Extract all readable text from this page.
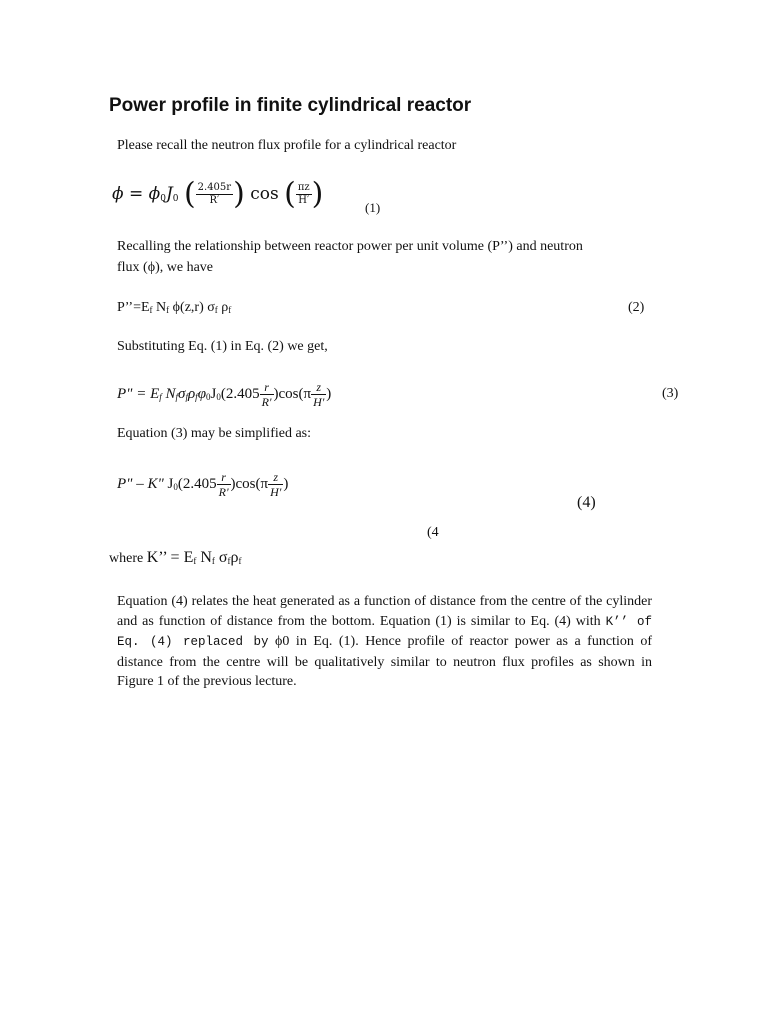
Power profile in finite cylindrical reactor
Please recall the neutron flux profile for a cylindrical reactor
$\phi = \phi_0J_0$ ( $\frac{2.405r}{R'}$ ) cos ( $\frac{\pi z}{H'}$ )	(1)
Recalling the relationship between reactor power per unit volume (P’’) and neutron
flux (ϕ), we have
$P’’=E_f$ $N_f$ ϕ(z,r) $\sigma_f$ $\rho_f$	(2)
Substituting Eq. (1) in Eq. (2) we get,
P" = $E_f$ $N_f\sigma_f\rho_f\varphi_0J_0(2.405 \frac{r}{R'} )\cos(\pi \frac{z}{H'}$ )	(3)
Equation (3) may be simplified as:
P" – K" $J_0(2.405 \frac{r}{R'} )\cos(\pi \frac{z}{H'}$ )
(4)
(4
where K’’ = $E_f$ $N_f$ $\sigma_f\rho_f$
Equation (4) relates the heat generated as a function of distance from the centre of the cylinder and as function of distance from the bottom. Equation (1) is similar to Eq. (4) with K’’ of Eq. (4) replaced by ϕ0 in Eq. (1). Hence profile of reactor power as a function of distance from the centre will be qualitatively similar to neutron flux profiles as shown in Figure 1 of the previous lecture.
